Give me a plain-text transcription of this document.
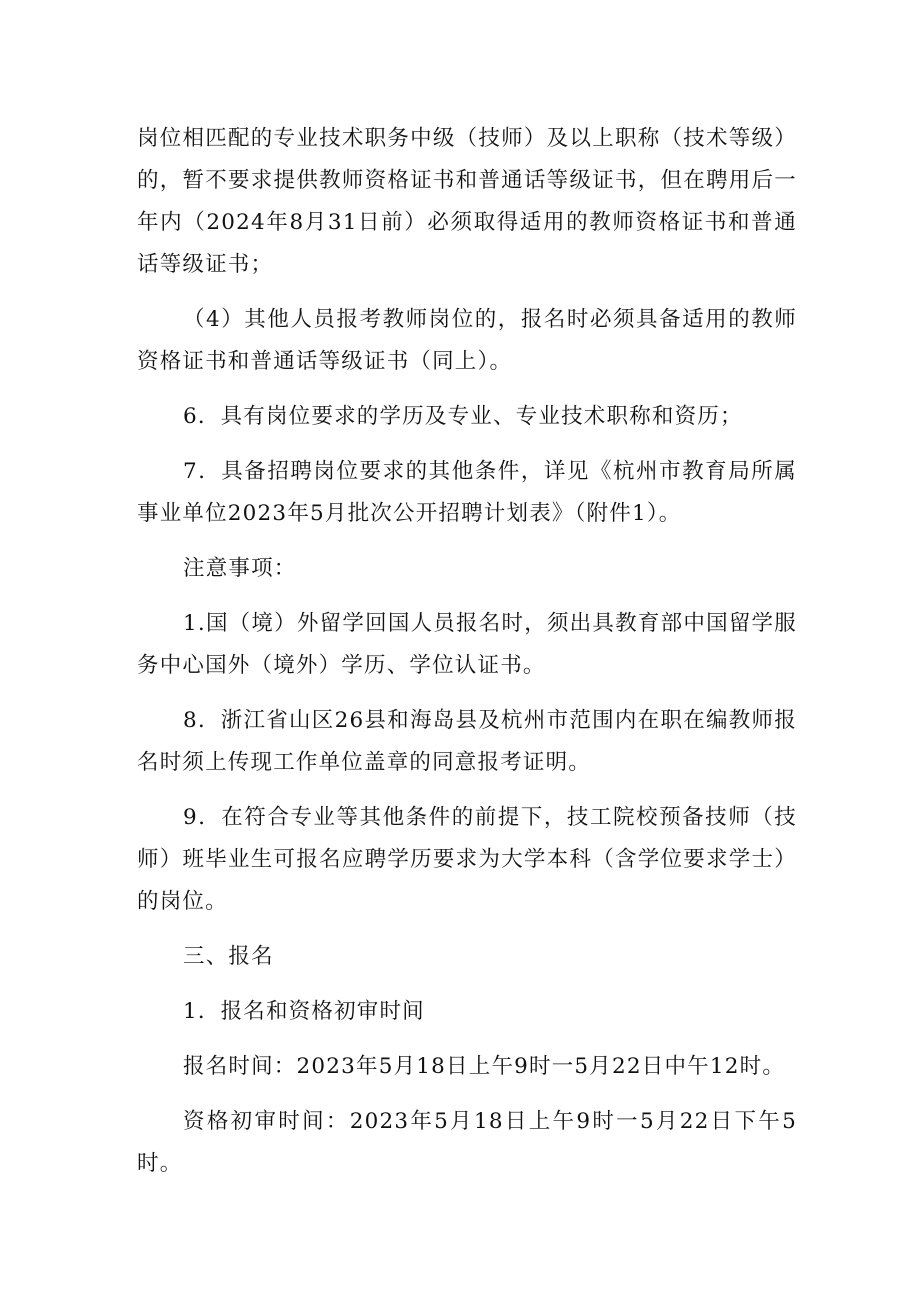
岗位相匹配的专业技术职务中级（技师）及以上职称（技术等级）的，暂不要求提供教师资格证书和普通话等级证书，但在聘用后一年内（2024年8月31日前）必须取得适用的教师资格证书和普通话等级证书；

（4）其他人员报考教师岗位的，报名时必须具备适用的教师资格证书和普通话等级证书（同上）。

6．具有岗位要求的学历及专业、专业技术职称和资历；

7．具备招聘岗位要求的其他条件，详见《杭州市教育局所属事业单位2023年5月批次公开招聘计划表》（附件1）。

注意事项：

1.国（境）外留学回国人员报名时，须出具教育部中国留学服务中心国外（境外）学历、学位认证书。

8．浙江省山区26县和海岛县及杭州市范围内在职在编教师报名时须上传现工作单位盖章的同意报考证明。

9．在符合专业等其他条件的前提下，技工院校预备技师（技师）班毕业生可报名应聘学历要求为大学本科（含学位要求学士）的岗位。

三、报名

1．报名和资格初审时间

报名时间：2023年5月18日上午9时一5月22日中午12时。

资格初审时间：2023年5月18日上午9时一5月22日下午5时。
